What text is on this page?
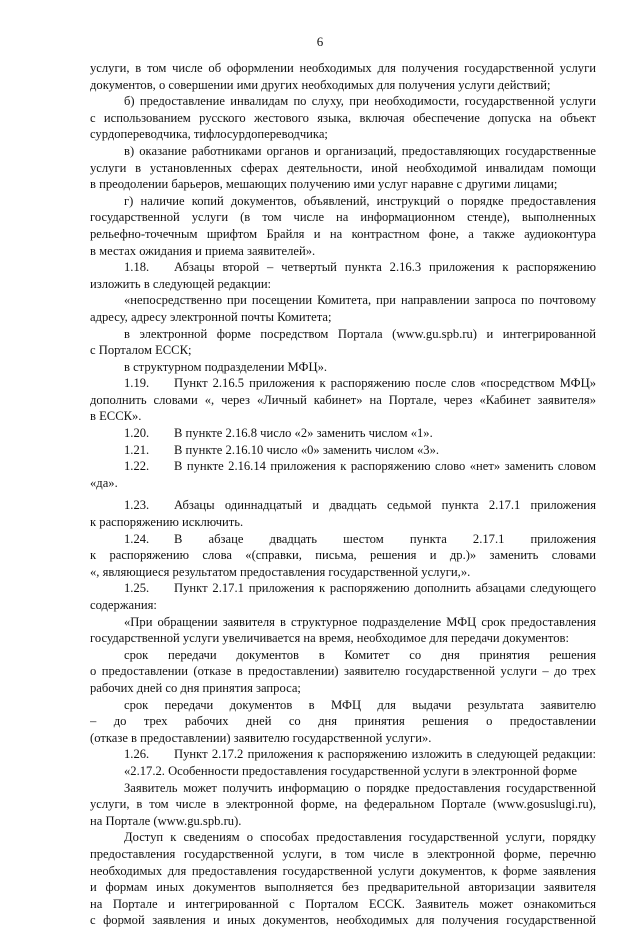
6
услуги, в том числе об оформлении необходимых для получения государственной услуги
документов, о совершении ими других необходимых для получения услуги действий;
б) предоставление инвалидам по слуху, при необходимости, государственной услуги
с использованием русского жестового языка, включая обеспечение допуска на объект
сурдопереводчика, тифлосурдопереводчика;
в) оказание работниками органов и организаций, предоставляющих государственные
услуги в установленных сферах деятельности, иной необходимой инвалидам помощи
в преодолении барьеров, мешающих получению ими услуг наравне с другими лицами;
г) наличие копий документов, объявлений, инструкций о порядке предоставления
государственной услуги (в том числе на информационном стенде), выполненных
рельефно-точечным шрифтом Брайля и на контрастном фоне, а также аудиоконтура
в местах ожидания и приема заявителей».
1.18. Абзацы второй – четвертый пункта 2.16.3 приложения к распоряжению
изложить в следующей редакции:
«непосредственно при посещении Комитета, при направлении запроса по почтовому
адресу, адресу электронной почты Комитета;
в электронной форме посредством Портала (www.gu.spb.ru) и интегрированной
с Порталом ЕССК;
в структурном подразделении МФЦ».
1.19. Пункт 2.16.5 приложения к распоряжению после слов «посредством МФЦ»
дополнить словами «, через «Личный кабинет» на Портале, через «Кабинет заявителя»
в ЕССК».
1.20. В пункте 2.16.8 число «2» заменить числом «1».
1.21. В пункте 2.16.10 число «0» заменить числом «3».
1.22. В пункте 2.16.14 приложения к распоряжению слово «нет» заменить словом
«да».
1.23. Абзацы одиннадцатый и двадцать седьмой пункта 2.17.1 приложения
к распоряжению исключить.
1.24. В абзаце двадцать шестом пункта 2.17.1 приложения
к распоряжению слова «(справки, письма, решения и др.)» заменить словами
«, являющиеся результатом предоставления государственной услуги,».
1.25. Пункт 2.17.1 приложения к распоряжению дополнить абзацами следующего
содержания:
«При обращении заявителя в структурное подразделение МФЦ срок предоставления
государственной услуги увеличивается на время, необходимое для передачи документов:
срок передачи документов в Комитет со дня принятия решения
о предоставлении (отказе в предоставлении) заявителю государственной услуги – до трех
рабочих дней со дня принятия запроса;
срок передачи документов в МФЦ для выдачи результата заявителю
– до трех рабочих дней со дня принятия решения о предоставлении
(отказе в предоставлении) заявителю государственной услуги».
1.26. Пункт 2.17.2 приложения к распоряжению изложить в следующей редакции:
«2.17.2. Особенности предоставления государственной услуги в электронной форме
Заявитель может получить информацию о порядке предоставления государственной
услуги, в том числе в электронной форме, на федеральном Портале (www.gosuslugi.ru),
на Портале (www.gu.spb.ru).
Доступ к сведениям о способах предоставления государственной услуги, порядку
предоставления государственной услуги, в том числе в электронной форме, перечню
необходимых для предоставления государственной услуги документов, к форме заявления
и формам иных документов выполняется без предварительной авторизации заявителя
на Портале и интегрированной с Порталом ЕССК. Заявитель может ознакомиться
с формой заявления и иных документов, необходимых для получения государственной
